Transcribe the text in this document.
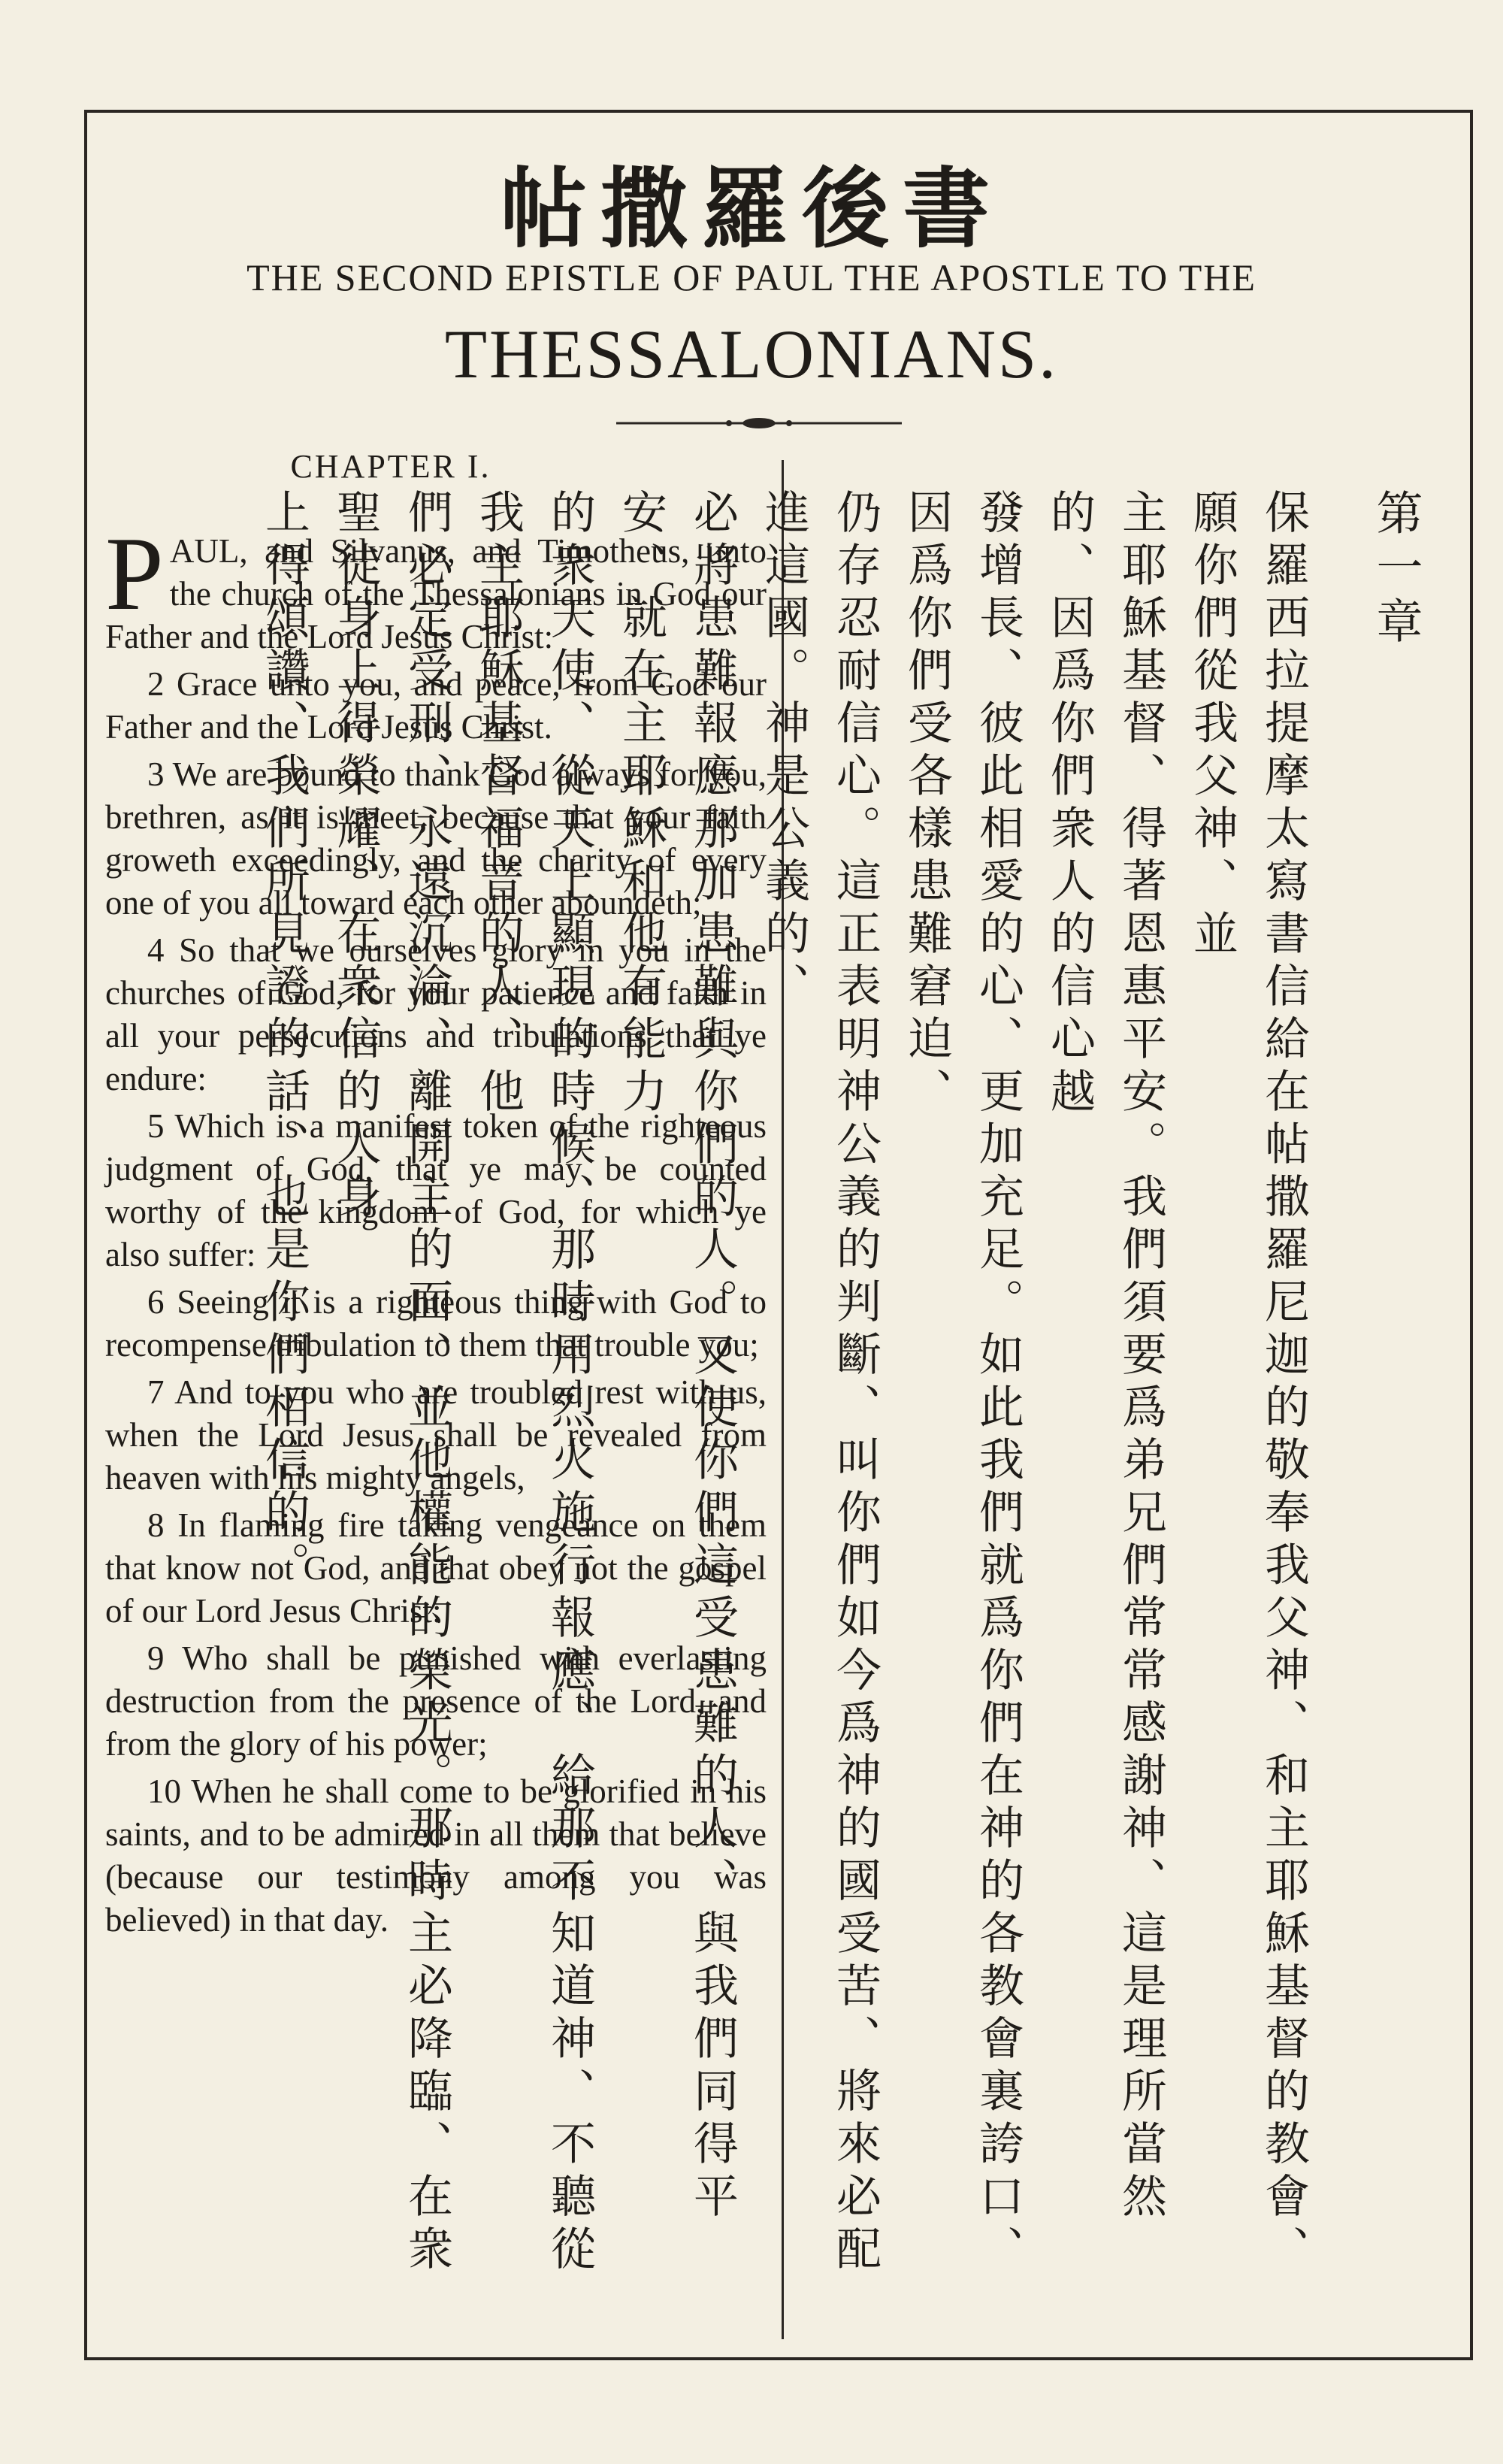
帖撒羅後書
THE SECOND EPISTLE OF PAUL THE APOSTLE TO THE
THESSALONIANS.
CHAPTER I.

P AUL, and Silvanus, and Timotheus, unto the church of the Thessalonians in God our Father and the Lord Jesus Christ:

2 Grace unto you, and peace, from God our Father and the Lord Jesus Christ.

3 We are bound to thank God always for you, brethren, as it is meet, because that your faith groweth exceedingly, and the charity of every one of you all toward each other aboundeth;

4 So that we ourselves glory in you in the churches of God, for your patience and faith in all your persecutions and tribulations that ye endure:

5 Which is a manifest token of the righteous judgment of God, that ye may be counted worthy of the kingdom of God, for which ye also suffer:

6 Seeing it is a righteous thing with God to recompense tribulation to them that trouble you;

7 And to you who are troubled rest with us, when the Lord Jesus shall be revealed from heaven with his mighty angels,

8 In flaming fire taking vengeance on them that know not God, and that obey not the gospel of our Lord Jesus Christ:

9 Who shall be punished with everlasting destruction from the presence of the Lord, and from the glory of his power;

10 When he shall come to be glorified in his saints, and to be admired in all them that believe (because our testimony among you was believed) in that day.

第一章
保羅西拉提摩太寫書信給在帖撒羅尼迦的敬奉我父神、和主耶穌基督的教會、願你們從我父神、並
主耶穌基督、得著恩惠平安。我們須要爲弟兄們常常感謝神、這是理所當然的、因爲你們衆人的信心越
發增長、彼此相愛的心、更加充足。如此我們就爲你們在神的各教會裏誇口、因爲你們受各樣患難窘迫、
仍存忍耐信心。這正表明神公義的判斷、叫你們如今爲神的國受苦、將來必配進這國。神是公義的、
必將患難報應那加患難與你們的人。又使你們這受患難的人、與我們同得平安、就在主耶穌和他有能力
的衆天使、從天上顯現的時候、那時用烈火施行報應、給那不知道神、不聽從我主耶穌基督福音的人、他
們必定受刑、永遠沉淪、離開主的面、並他權能的榮光。那時主必降臨、在衆聖徒身上得榮耀、在衆信的人身
上得頌讚、我們所見證的話、也是你們相信的。
